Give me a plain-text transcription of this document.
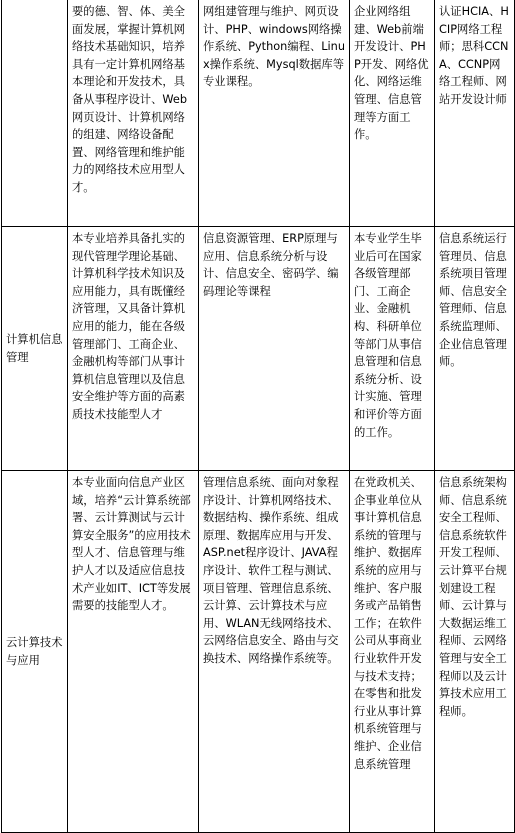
	要的德、智、体、美全面发展，掌握计算机网络技术基础知识，培养具有一定计算机网络基本理论和开发技术，具备从事程序设计、Web网页设计、计算机网络的组建、网络设备配置、网络管理和维护能力的网络技术应用型人才。	网组建管理与维护、网页设计、PHP、windows网络操作系统、Python编程、Linux操作系统、Mysql数据库等专业课程。	企业网络组建、Web前端开发设计、PHP开发、网络优化、网络运维管理、信息管理等方面工作。	认证HCIA、HCIP网络工程师；思科CCNA、CCNP网络工程师、网站开发设计师

计算机信息管理	本专业培养具备扎实的现代管理学理论基础、计算机科学技术知识及应用能力，具有既懂经济管理，又具备计算机应用的能力，能在各级管理部门、工商企业、金融机构等部门从事计算机信息管理以及信息安全维护等方面的高素质技术技能型人才	信息资源管理、ERP原理与应用、信息系统分析与设计、信息安全、密码学、编码理论等课程	本专业学生毕业后可在国家各级管理部门、工商企业、金融机构、科研单位等部门从事信息管理和信息系统分析、设计实施、管理和评价等方面的工作。	信息系统运行管理员、信息系统项目管理师、信息安全管理师、信息系统监理师、企业信息管理师。

云计算技术与应用	本专业面向信息产业区域，培养“云计算系统部署、云计算测试与云计算安全服务”的应用技术型人才、信息管理与维护人才以及适应信息技术产业如IT、ICT等发展需要的技能型人才。	管理信息系统、面向对象程序设计、计算机网络技术、数据结构、操作系统、组成原理、数据库应用与开发、ASP.net程序设计、JAVA程序设计、软件工程与测试、项目管理、管理信息系统、云计算、云计算技术与应用、WLAN无线网络技术、云网络信息安全、路由与交换技术、网络操作系统等。	在党政机关、企事业单位从事计算机信息系统的管理与维护、数据库系统的应用与维护、客户服务或产品销售工作；在软件公司从事商业行业软件开发与技术支持；在零售和批发行业从事计算机系统管理与维护、企业信息系统管理	信息系统架构师、信息系统安全工程师、信息系统软件开发工程师、云计算平台规划建设工程师、云计算与大数据运维工程师、云网络管理与安全工程师以及云计算技术应用工程师。
